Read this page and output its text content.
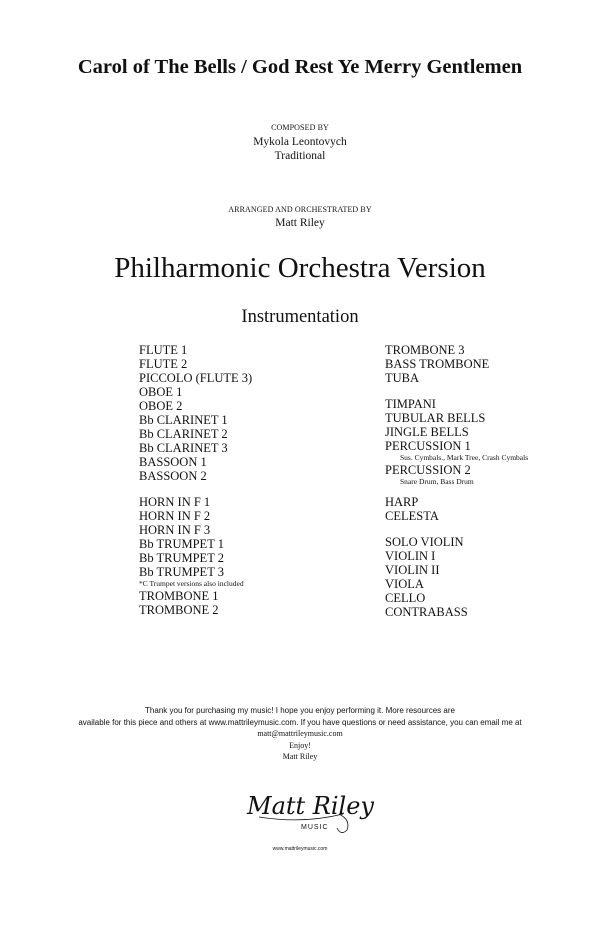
Carol of The Bells / God Rest Ye Merry Gentlemen
COMPOSED BY
Mykola Leontovych
Traditional
ARRANGED AND ORCHESTRATED BY
Matt Riley
Philharmonic Orchestra Version
Instrumentation
FLUTE 1
FLUTE 2
PICCOLO (FLUTE 3)
OBOE 1
OBOE 2
Bb CLARINET 1
Bb CLARINET 2
Bb CLARINET 3
BASSOON 1
BASSOON 2
HORN IN F 1
HORN IN F 2
HORN IN F 3
Bb TRUMPET 1
Bb TRUMPET 2
Bb TRUMPET 3
*C Trumpet versions also included
TROMBONE 1
TROMBONE 2
TROMBONE 3
BASS TROMBONE
TUBA
TIMPANI
TUBULAR BELLS
JINGLE BELLS
PERCUSSION 1
Sus. Cymbals., Mark Tree, Crash Cymbals
PERCUSSION 2
Snare Drum, Bass Drum
HARP
CELESTA
SOLO VIOLIN
VIOLIN I
VIOLIN II
VIOLA
CELLO
CONTRABASS
Thank you for purchasing my music! I hope you enjoy performing it. More resources are
available for this piece and others at www.mattrileymusic.com. If you have questions or need assistance, you can email me at
matt@mattrileymusic.com
Enjoy!
Matt Riley
Matt Riley
MUSIC
www.mattrileymusic.com
